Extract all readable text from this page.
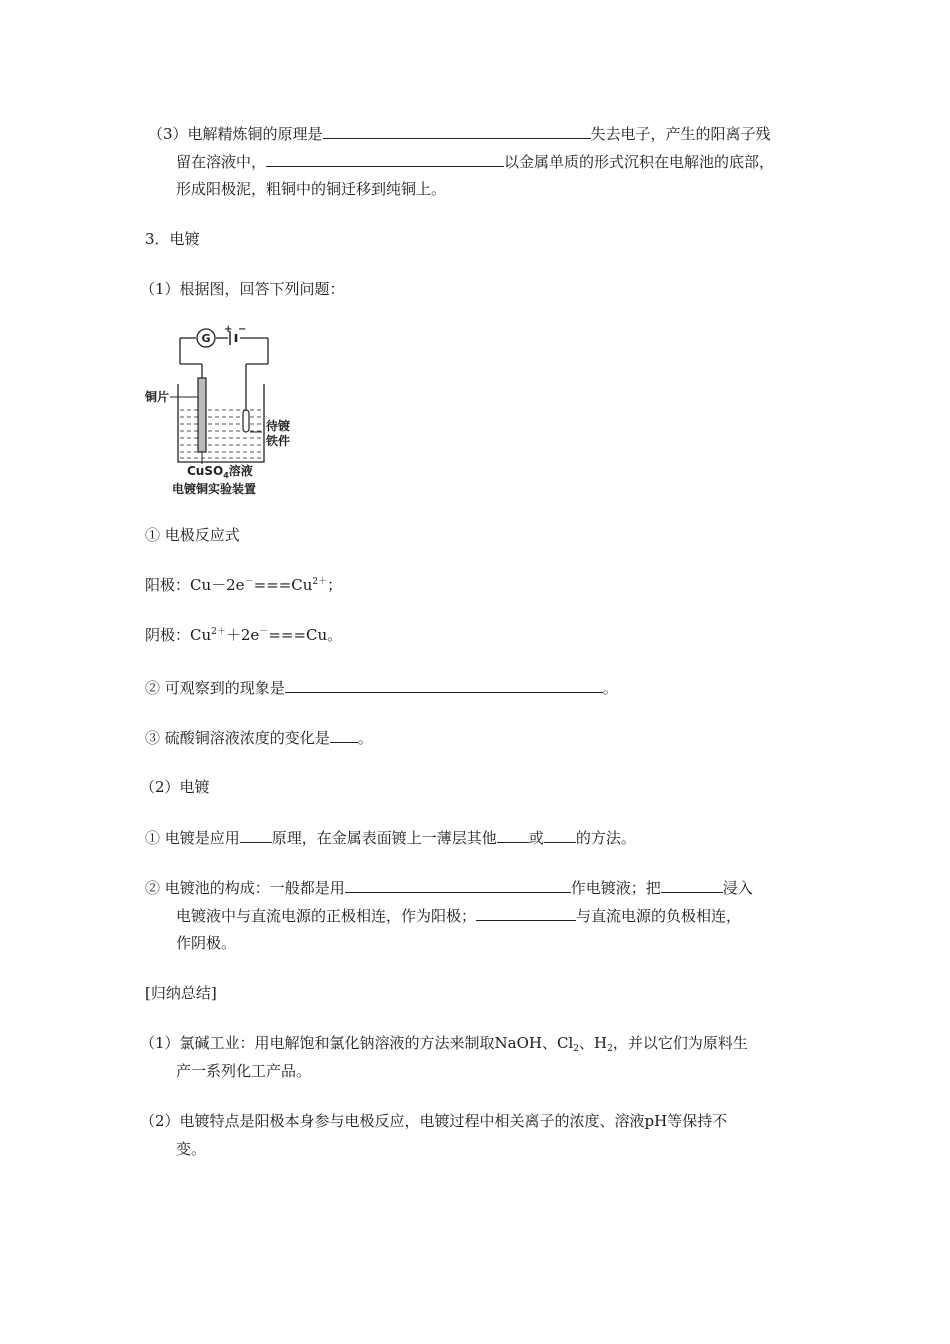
（3）电解精炼铜的原理是	失去电子，产生的阳离子残
留在溶液中，	以金属单质的形式沉积在电解池的底部，
形成阳极泥，粗铜中的铜迁移到纯铜上。
3．电镀
（1）根据图，回答下列问题：
G
+ −
铜片
待镀
铁件
CuSO$_4$溶液
电镀铜实验装置
① 电极反应式
阳极：$Cu-2e^-===Cu^{2+}$；
阴极：$Cu^{2+}+2e^-===Cu$。
② 可观察到的现象是	。
③ 硫酸铜溶液浓度的变化是 。
（2）电镀
① 电镀是应用 原理，在金属表面镀上一薄层其他 或 的方法。
② 电镀池的构成：一般都是用	作电镀液；把	浸入
电镀液中与直流电源的正极相连，作为阳极；	与直流电源的负极相连，
作阴极。
[归纳总结]
（1）氯碱工业：用电解饱和氯化钠溶液的方法来制取NaOH、$Cl_2$、$H_2$，并以它们为原料生
产一系列化工产品。
（2）电镀特点是阳极本身参与电极反应，电镀过程中相关离子的浓度、溶液pH等保持不
变。
